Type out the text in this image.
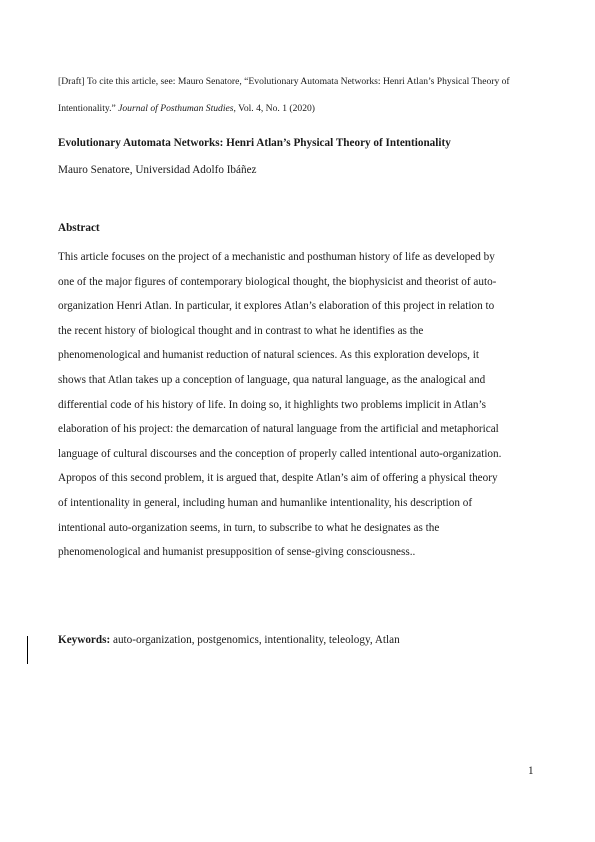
[Draft] To cite this article, see: Mauro Senatore, “Evolutionary Automata Networks: Henri Atlan’s Physical Theory of

Intentionality.” Journal of Posthuman Studies, Vol. 4, No. 1 (2020)

Evolutionary Automata Networks: Henri Atlan’s Physical Theory of Intentionality
Mauro Senatore, Universidad Adolfo Ibáñez
Abstract

This article focuses on the project of a mechanistic and posthuman history of life as developed by

one of the major figures of contemporary biological thought, the biophysicist and theorist of auto-

organization Henri Atlan. In particular, it explores Atlan’s elaboration of this project in relation to

the recent history of biological thought and in contrast to what he identifies as the

phenomenological and humanist reduction of natural sciences. As this exploration develops, it

shows that Atlan takes up a conception of language, qua natural language, as the analogical and

differential code of his history of life. In doing so, it highlights two problems implicit in Atlan’s

elaboration of his project: the demarcation of natural language from the artificial and metaphorical

language of cultural discourses and the conception of properly called intentional auto-organization.

Apropos of this second problem, it is argued that, despite Atlan’s aim of offering a physical theory

of intentionality in general, including human and humanlike intentionality, his description of

intentional auto-organization seems, in turn, to subscribe to what he designates as the

phenomenological and humanist presupposition of sense-giving consciousness..

Keywords: auto-organization, postgenomics, intentionality, teleology, Atlan
1
